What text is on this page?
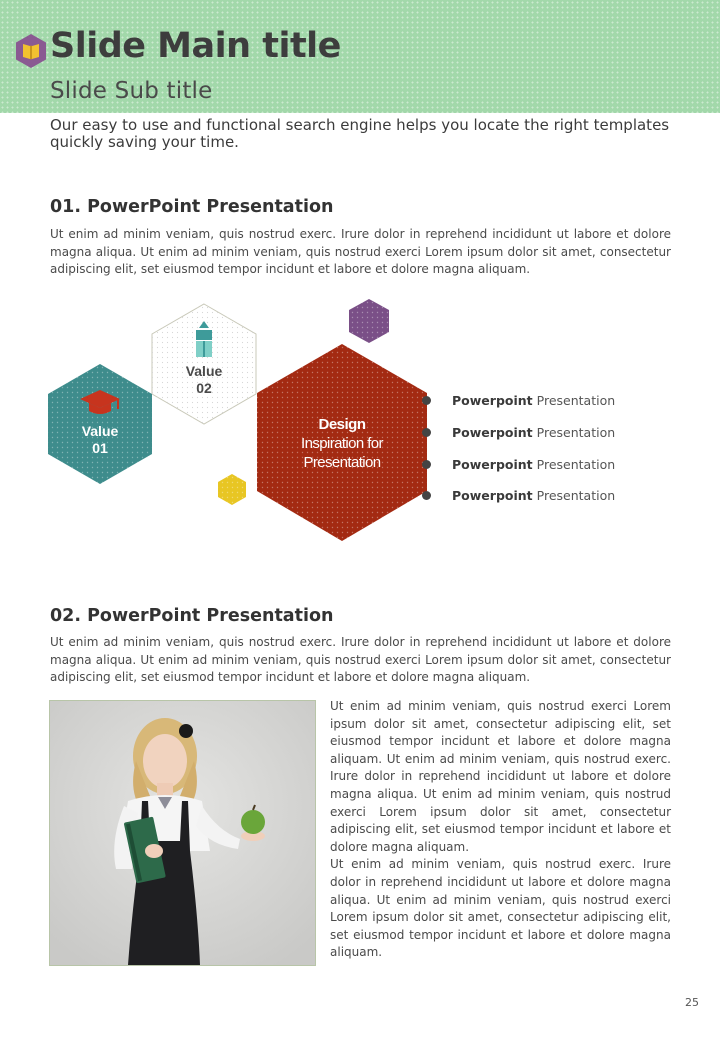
Slide Main title
Slide Sub title
Our easy to use and functional search engine helps you locate the right templates quickly saving your time.
01. PowerPoint Presentation
Ut enim ad minim veniam, quis nostrud exerc. Irure dolor in reprehend incididunt ut labore et dolore magna aliqua. Ut enim ad minim veniam, quis nostrud exerci Lorem ipsum dolor sit amet, consectetur adipiscing elit, set eiusmod tempor incidunt et labore et dolore magna aliquam.
Value
02
Value
01
Design
Inspiration for
Presentation
Powerpoint Presentation
Powerpoint Presentation
Powerpoint Presentation
Powerpoint Presentation
02. PowerPoint Presentation
Ut enim ad minim veniam, quis nostrud exerc. Irure dolor in reprehend incididunt ut labore et dolore magna aliqua. Ut enim ad minim veniam, quis nostrud exerci Lorem ipsum dolor sit amet, consectetur adipiscing elit, set eiusmod tempor incidunt et labore et dolore magna aliquam.

Ut enim ad minim veniam, quis nostrud exerci Lorem ipsum dolor sit amet, consectetur adipiscing elit, set eiusmod tempor incidunt et labore et dolore magna aliquam. Ut enim ad minim veniam, quis nostrud exerc. Irure dolor in reprehend incididunt ut labore et dolore magna aliqua. Ut enim ad minim veniam, quis nostrud exerci Lorem ipsum dolor sit amet, consectetur adipiscing elit, set eiusmod tempor incidunt et labore et dolore magna aliquam.

Ut enim ad minim veniam, quis nostrud exerc. Irure dolor in reprehend incididunt ut labore et dolore magna aliqua. Ut enim ad minim veniam, quis nostrud exerci Lorem ipsum dolor sit amet, consectetur adipiscing elit, set eiusmod tempor incidunt et labore et dolore magna aliquam.

25
